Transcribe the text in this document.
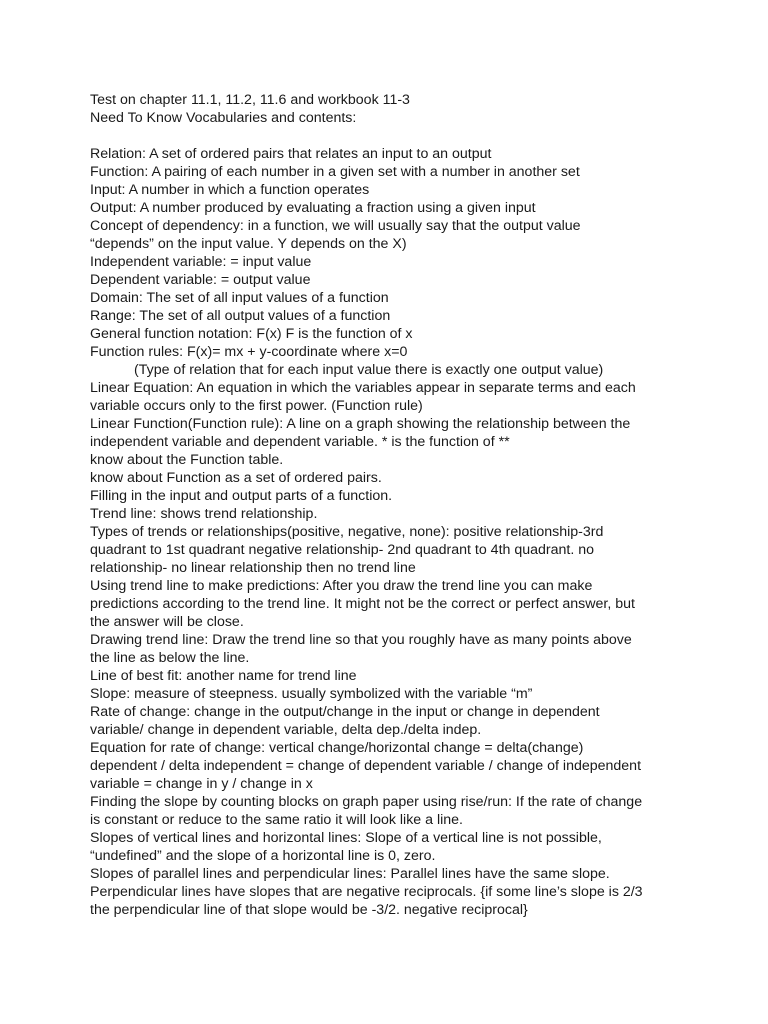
Test on chapter 11.1, 11.2, 11.6 and workbook 11-3
Need To Know Vocabularies and contents:
Relation: A set of ordered pairs that relates an input to an output
Function: A pairing of each number in a given set with a number in another set
Input: A number in which a function operates
Output: A number produced by evaluating a fraction using a given input
Concept of dependency: in a function, we will usually say that the output value
“depends” on the input value. Y depends on the X)
Independent variable: = input value
Dependent variable: = output value
Domain: The set of all input values of a function
Range: The set of all output values of a function
General function notation: F(x) F is the function of x
Function rules: F(x)= mx + y-coordinate where x=0
(Type of relation that for each input value there is exactly one output value)
Linear Equation: An equation in which the variables appear in separate terms and each
variable occurs only to the first power. (Function rule)
Linear Function(Function rule): A line on a graph showing the relationship between the
independent variable and dependent variable. * is the function of **
know about the Function table.
know about Function as a set of ordered pairs.
Filling in the input and output parts of a function.
Trend line: shows trend relationship.
Types of trends or relationships(positive, negative, none): positive relationship-3rd
quadrant to 1st quadrant negative relationship- 2nd quadrant to 4th quadrant. no
relationship- no linear relationship then no trend line
Using trend line to make predictions: After you draw the trend line you can make
predictions according to the trend line. It might not be the correct or perfect answer, but
the answer will be close.
Drawing trend line: Draw the trend line so that you roughly have as many points above
the line as below the line.
Line of best fit: another name for trend line
Slope: measure of steepness. usually symbolized with the variable “m”
Rate of change: change in the output/change in the input or change in dependent
variable/ change in dependent variable, delta dep./delta indep.
Equation for rate of change: vertical change/horizontal change = delta(change)
dependent / delta independent = change of dependent variable / change of independent
variable = change in y / change in x
Finding the slope by counting blocks on graph paper using rise/run: If the rate of change
is constant or reduce to the same ratio it will look like a line.
Slopes of vertical lines and horizontal lines: Slope of a vertical line is not possible,
“undefined” and the slope of a horizontal line is 0, zero.
Slopes of parallel lines and perpendicular lines: Parallel lines have the same slope.
Perpendicular lines have slopes that are negative reciprocals. {if some line’s slope is 2/3
the perpendicular line of that slope would be -3/2. negative reciprocal}
